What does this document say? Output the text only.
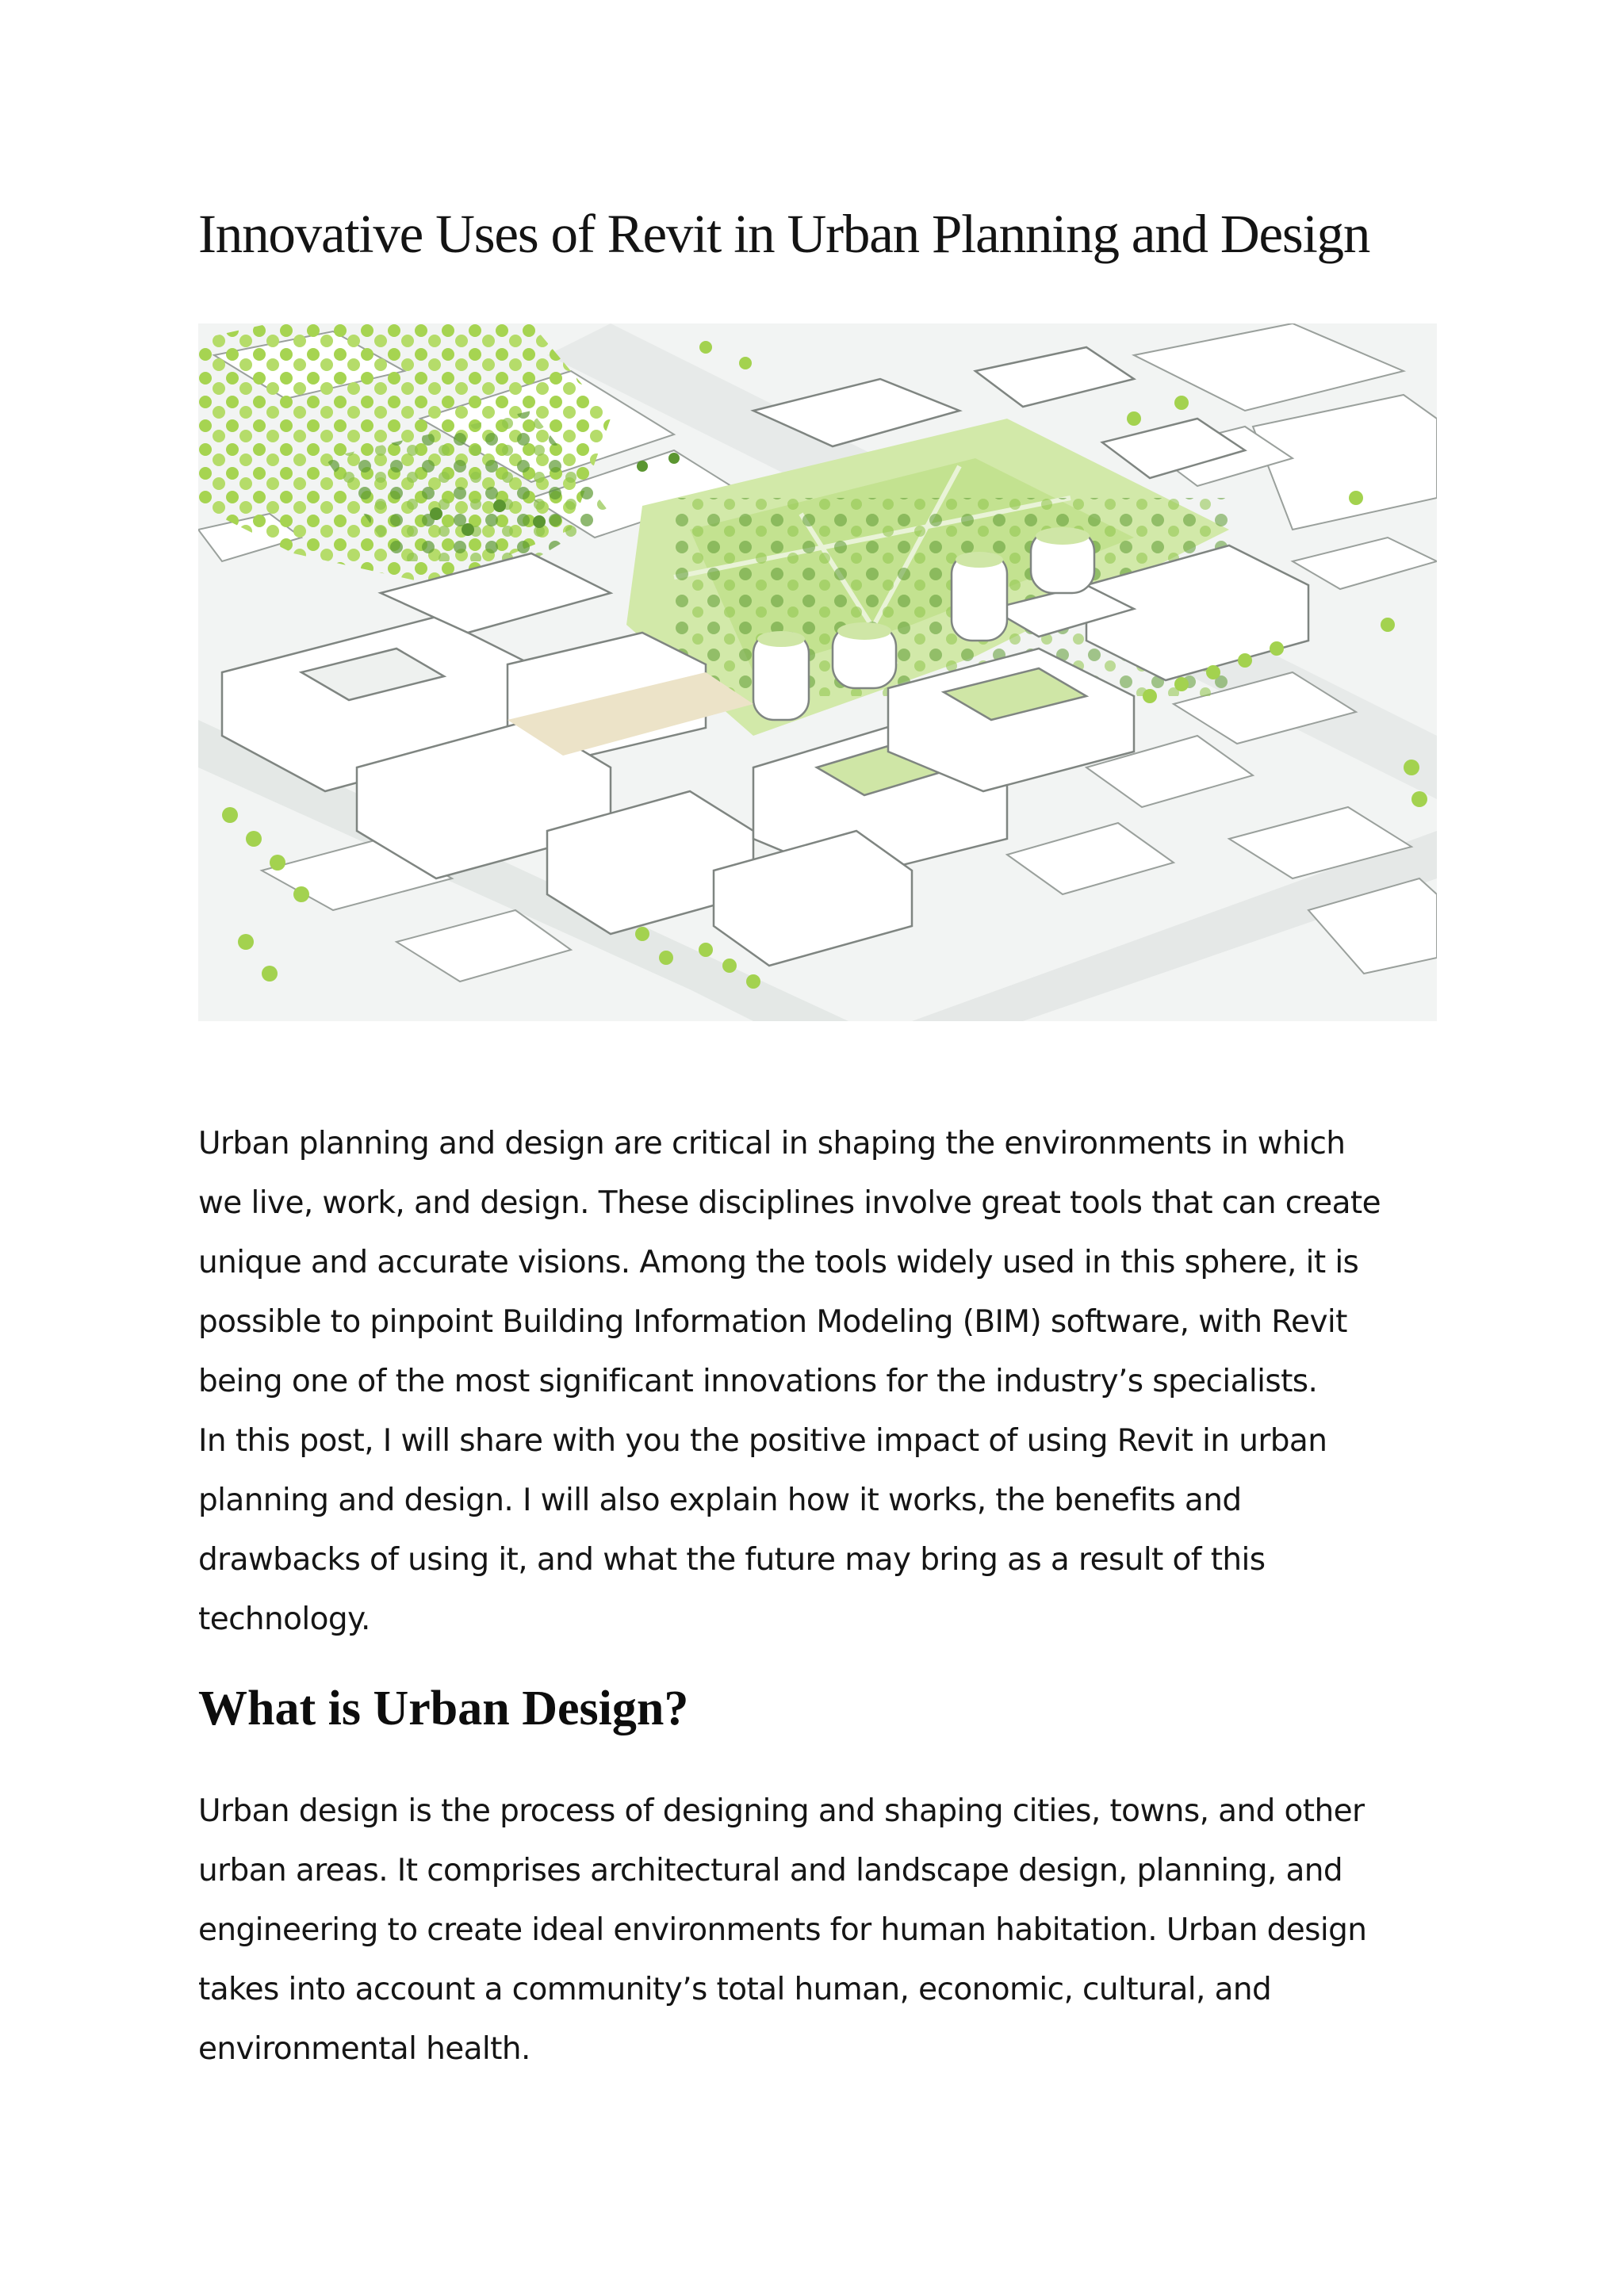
Innovative Uses of Revit in Urban Planning and Design
Urban planning and design are critical in shaping the environments in which
we live, work, and design. These disciplines involve great tools that can create
unique and accurate visions. Among the tools widely used in this sphere, it is
possible to pinpoint Building Information Modeling (BIM) software, with Revit
being one of the most significant innovations for the industry’s specialists.
In this post, I will share with you the positive impact of using Revit in urban
planning and design. I will also explain how it works, the benefits and
drawbacks of using it, and what the future may bring as a result of this
technology.
What is Urban Design?
Urban design is the process of designing and shaping cities, towns, and other
urban areas. It comprises architectural and landscape design, planning, and
engineering to create ideal environments for human habitation. Urban design
takes into account a community’s total human, economic, cultural, and
environmental health.
